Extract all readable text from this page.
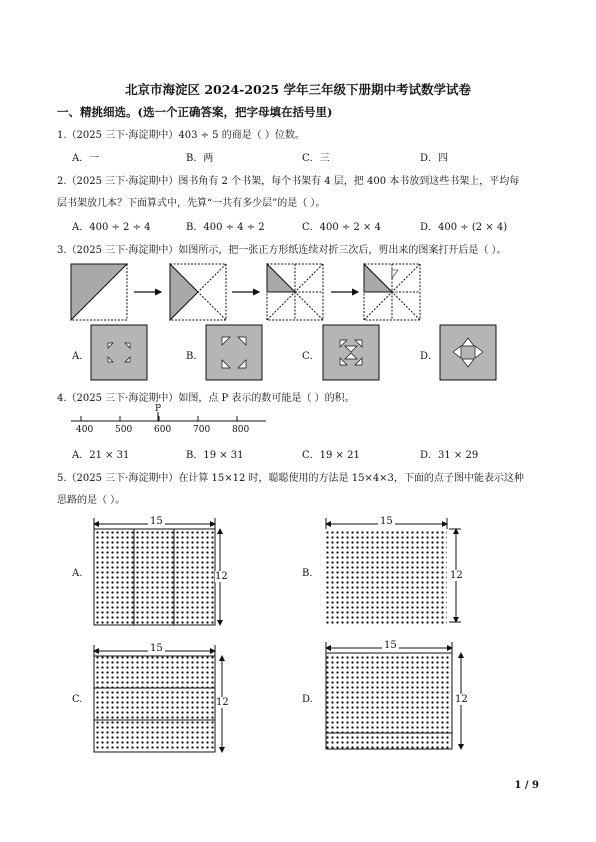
北京市海淀区 2024-2025 学年三年级下册期中考试数学试卷
一、精挑细选。(选一个正确答案，把字母填在括号里)
1.（2025 三下·海淀期中）403 ÷ 5 的商是（ ）位数。
A．一	B．两	C．三	D．四
2.（2025 三下·海淀期中）图书角有 2 个书架，每个书架有 4 层，把 400 本书放到这些书架上，平均每
层书架放几本？下面算式中，先算“一共有多少层”的是（ ）。
A．400 ÷ 2 ÷ 4	B．400 ÷ 4 ÷ 2	C．400 ÷ 2 × 4	D．400 ÷ (2 × 4)
3.（2025 三下·海淀期中）如图所示，把一张正方形纸连续对折三次后，剪出来的图案打开后是（ ）。
A．	B．	C．	D．
4.（2025 三下·海淀期中）如图，点 P 表示的数可能是（ ）的积。
P
400 500 600 700 800
A．21 × 31	B．19 × 31	C．19 × 21	D．31 × 29
5.（2025 三下·海淀期中）在计算 15×12 时，聪聪使用的方法是 15×4×3，下面的点子图中能表示这种
思路的是（ ）。
15
12
15
12
15
12
15
12
A.	B.
C.	D.
1 / 9
